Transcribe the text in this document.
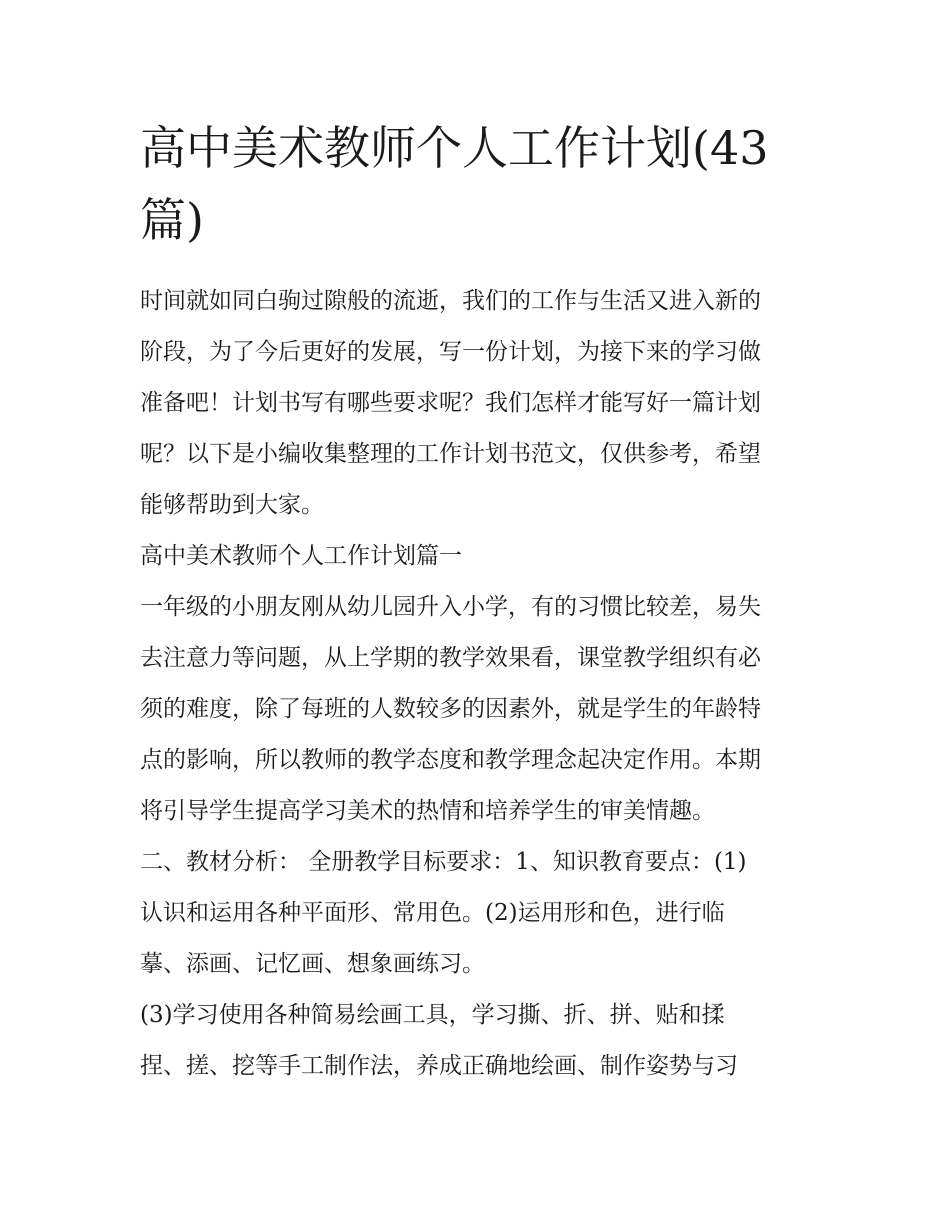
高中美术教师个人工作计划(43
篇)

时间就如同白驹过隙般的流逝，我们的工作与生活又进入新的
阶段，为了今后更好的发展，写一份计划，为接下来的学习做
准备吧！计划书写有哪些要求呢？我们怎样才能写好一篇计划
呢？以下是小编收集整理的工作计划书范文，仅供参考，希望
能够帮助到大家。

高中美术教师个人工作计划篇一

一年级的小朋友刚从幼儿园升入小学，有的习惯比较差，易失
去注意力等问题，从上学期的教学效果看，课堂教学组织有必
须的难度，除了每班的人数较多的因素外，就是学生的年龄特
点的影响，所以教师的教学态度和教学理念起决定作用。本期
将引导学生提高学习美术的热情和培养学生的审美情趣。

二、教材分析： 全册教学目标要求：1、知识教育要点：(1)
认识和运用各种平面形、常用色。(2)运用形和色，进行临
摹、添画、记忆画、想象画练习。

(3)学习使用各种简易绘画工具，学习撕、折、拼、贴和揉
捏、搓、挖等手工制作法，养成正确地绘画、制作姿势与习
